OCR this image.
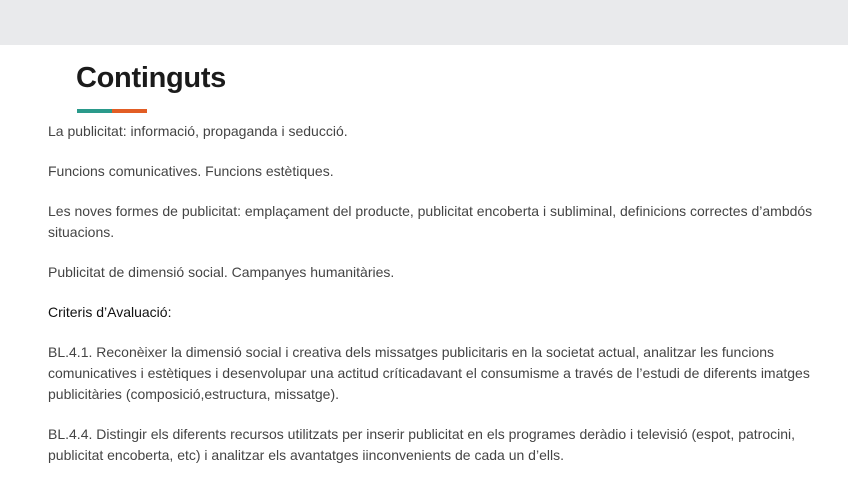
Continguts

La publicitat: informació, propaganda i seducció.

Funcions comunicatives. Funcions estètiques.

Les noves formes de publicitat: emplaçament del producte, publicitat encoberta i subliminal, definicions correctes d’ambdós situacions.

Publicitat de dimensió social. Campanyes humanitàries.

Criteris d’Avaluació:

BL.4.1. Reconèixer la dimensió social i creativa dels missatges publicitaris en la societat actual, analitzar les funcions comunicatives i estètiques i desenvolupar una actitud críticadavant el consumisme a través de l’estudi de diferents imatges publicitàries (composició,estructura, missatge).

BL.4.4. Distingir els diferents recursos utilitzats per inserir publicitat en els programes deràdio i televisió (espot, patrocini, publicitat encoberta, etc) i analitzar els avantatges iinconvenients de cada un d’ells.
